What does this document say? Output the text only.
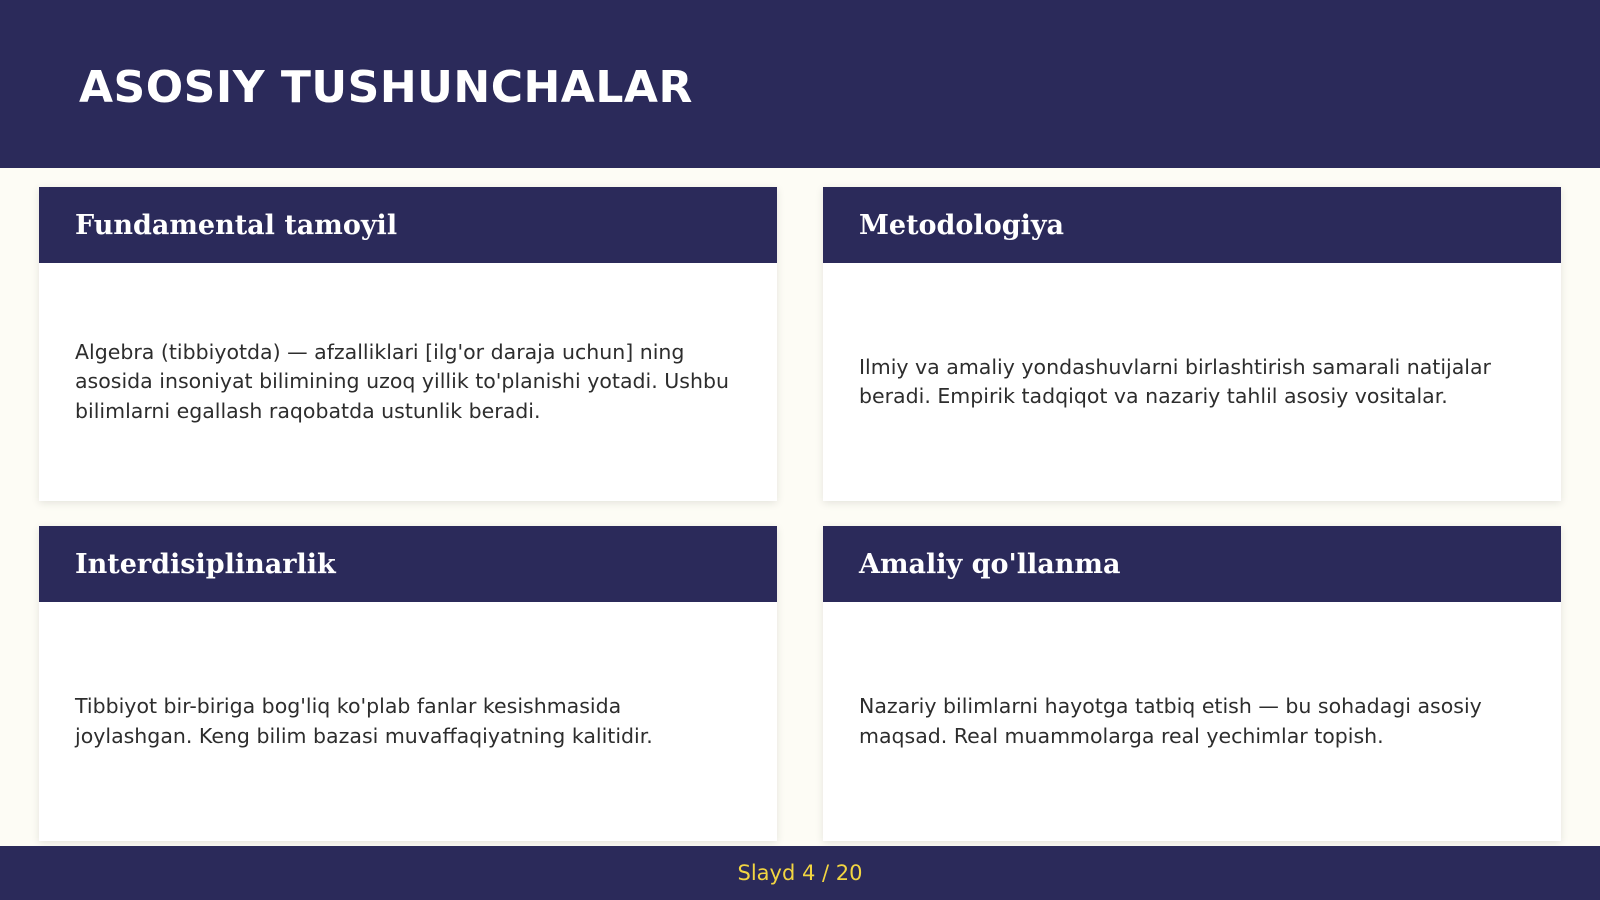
ASOSIY TUSHUNCHALAR
Fundamental tamoyil
Algebra (tibbiyotda) — afzalliklari [ilg'or daraja uchun] ning asosida insoniyat bilimining uzoq yillik to'planishi yotadi. Ushbu bilimlarni egallash raqobatda ustunlik beradi.
Metodologiya
Ilmiy va amaliy yondashuvlarni birlashtirish samarali natijalar beradi. Empirik tadqiqot va nazariy tahlil asosiy vositalar.
Interdisiplinarlik
Tibbiyot bir-biriga bog'liq ko'plab fanlar kesishmasida joylashgan. Keng bilim bazasi muvaffaqiyatning kalitidir.
Amaliy qo'llanma
Nazariy bilimlarni hayotga tatbiq etish — bu sohadagi asosiy maqsad. Real muammolarga real yechimlar topish.
Slayd 4 / 20
